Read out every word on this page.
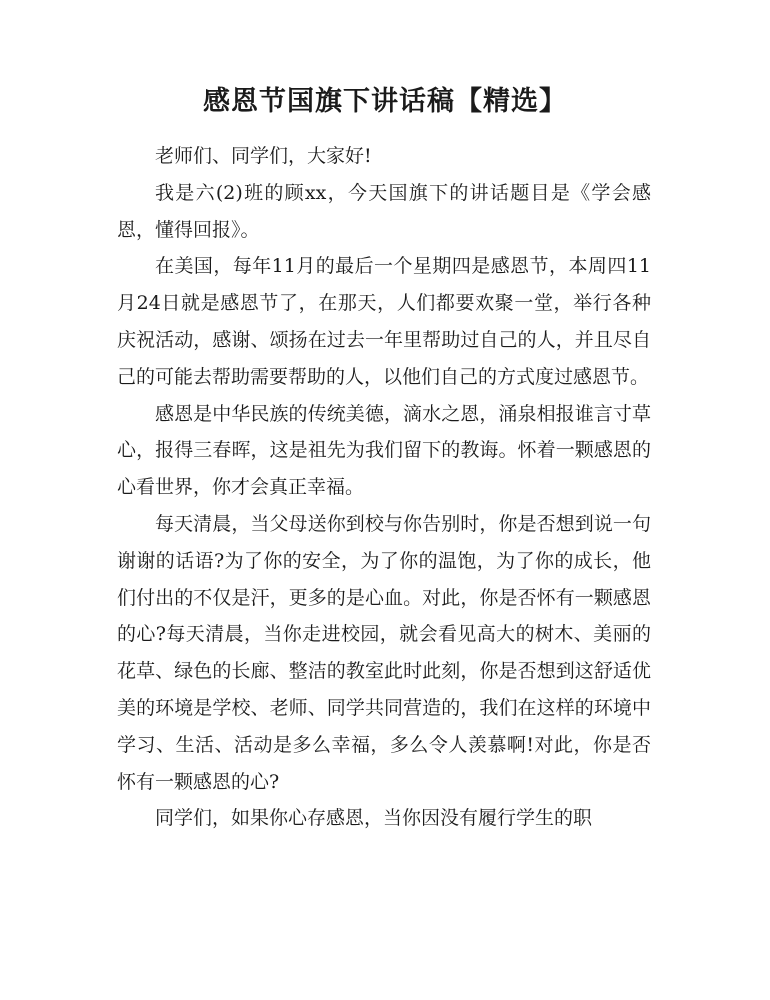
感恩节国旗下讲话稿【精选】

老师们、同学们，大家好!

我是六(2)班的顾xx，今天国旗下的讲话题目是《学会感恩，懂得回报》。

在美国，每年11月的最后一个星期四是感恩节，本周四11月24日就是感恩节了，在那天，人们都要欢聚一堂，举行各种庆祝活动，感谢、颂扬在过去一年里帮助过自己的人，并且尽自己的可能去帮助需要帮助的人，以他们自己的方式度过感恩节。

感恩是中华民族的传统美德，滴水之恩，涌泉相报谁言寸草心，报得三春晖，这是祖先为我们留下的教诲。怀着一颗感恩的心看世界，你才会真正幸福。

每天清晨，当父母送你到校与你告别时，你是否想到说一句谢谢的话语?为了你的安全，为了你的温饱，为了你的成长，他们付出的不仅是汗，更多的是心血。对此，你是否怀有一颗感恩的心?每天清晨，当你走进校园，就会看见高大的树木、美丽的花草、绿色的长廊、整洁的教室此时此刻，你是否想到这舒适优美的环境是学校、老师、同学共同营造的，我们在这样的环境中学习、生活、活动是多么幸福，多么令人羡慕啊!对此，你是否怀有一颗感恩的心?

同学们，如果你心存感恩，当你因没有履行学生的职
